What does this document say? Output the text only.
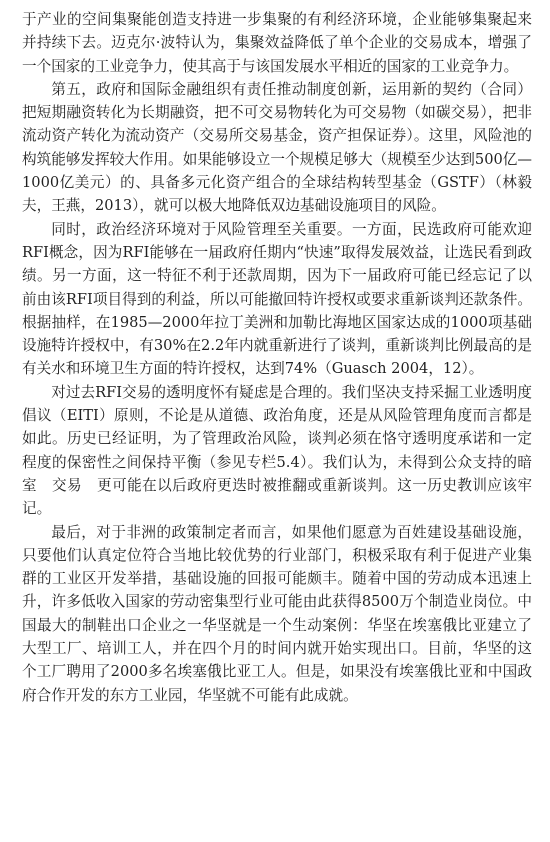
于产业的空间集聚能创造支持进一步集聚的有利经济环境，企业能够集聚起来并持续下去。迈克尔·波特认为，集聚效益降低了单个企业的交易成本，增强了一个国家的工业竞争力，使其高于与该国发展水平相近的国家的工业竞争力。

第五，政府和国际金融组织有责任推动制度创新，运用新的契约（合同）把短期融资转化为长期融资，把不可交易物转化为可交易物（如碳交易），把非流动资产转化为流动资产（交易所交易基金，资产担保证券）。这里，风险池的构筑能够发挥较大作用。如果能够设立一个规模足够大（规模至少达到500亿—1000亿美元）的、具备多元化资产组合的全球结构转型基金（GSTF）（林毅夫，王燕，2013），就可以极大地降低双边基础设施项目的风险。

同时，政治经济环境对于风险管理至关重要。一方面，民选政府可能欢迎RFI概念，因为RFI能够在一届政府任期内“快速”取得发展效益，让选民看到政绩。另一方面，这一特征不利于还款周期，因为下一届政府可能已经忘记了以前由该RFI项目得到的利益，所以可能撤回特许授权或要求重新谈判还款条件。根据抽样，在1985—2000年拉丁美洲和加勒比海地区国家达成的1000项基础设施特许授权中，有30%在2.2年内就重新进行了谈判，重新谈判比例最高的是有关水和环境卫生方面的特许授权，达到74%（Guasch 2004，12）。

对过去RFI交易的透明度怀有疑虑是合理的。我们坚决支持采掘工业透明度倡议（EITI）原则，不论是从道德、政治角度，还是从风险管理角度而言都是如此。历史已经证明，为了管理政治风险，谈判必须在恪守透明度承诺和一定程度的保密性之间保持平衡（参见专栏5.4）。我们认为，未得到公众支持的暗室　交易　更可能在以后政府更迭时被推翻或重新谈判。这一历史教训应该牢记。

最后，对于非洲的政策制定者而言，如果他们愿意为百姓建设基础设施，只要他们认真定位符合当地比较优势的行业部门，积极采取有利于促进产业集群的工业区开发举措，基础设施的回报可能颇丰。随着中国的劳动成本迅速上升，许多低收入国家的劳动密集型行业可能由此获得8500万个制造业岗位。中国最大的制鞋出口企业之一华坚就是一个生动案例：华坚在埃塞俄比亚建立了大型工厂、培训工人，并在四个月的时间内就开始实现出口。目前，华坚的这个工厂聘用了2000多名埃塞俄比亚工人。但是，如果没有埃塞俄比亚和中国政府合作开发的东方工业园，华坚就不可能有此成就。
